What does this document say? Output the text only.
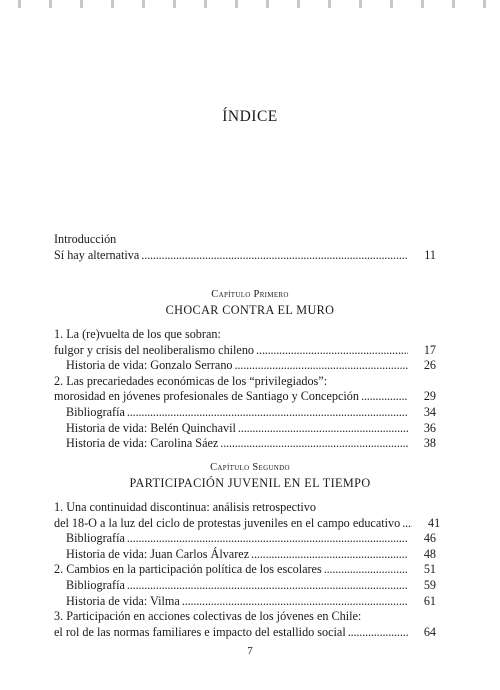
ÍNDICE
Introducción
Sí hay alternativa . . .	11
Capítulo Primero
CHOCAR CONTRA EL MURO
1. La (re)vuelta de los que sobran:
fulgor y crisis del neoliberalismo chileno . . .	17
Historia de vida: Gonzalo Serrano . . .	26
2. Las precariedades económicas de los “privilegiados”:
morosidad en jóvenes profesionales de Santiago y Concepción . . .	29
Bibliografía . . .	34
Historia de vida: Belén Quinchavil . . .	36
Historia de vida: Carolina Sáez . . .	38
Capítulo Segundo
PARTICIPACIÓN JUVENIL EN EL TIEMPO
1. Una continuidad discontinua: análisis retrospectivo
del 18-O a la luz del ciclo de protestas juveniles en el campo educativo . . .	41
Bibliografía . . .	46
Historia de vida: Juan Carlos Álvarez . . .	48
2. Cambios en la participación política de los escolares . . .	51
Bibliografía . . .	59
Historia de vida: Vilma . . .	61
3. Participación en acciones colectivas de los jóvenes en Chile:
el rol de las normas familiares e impacto del estallido social . . .	64
7
